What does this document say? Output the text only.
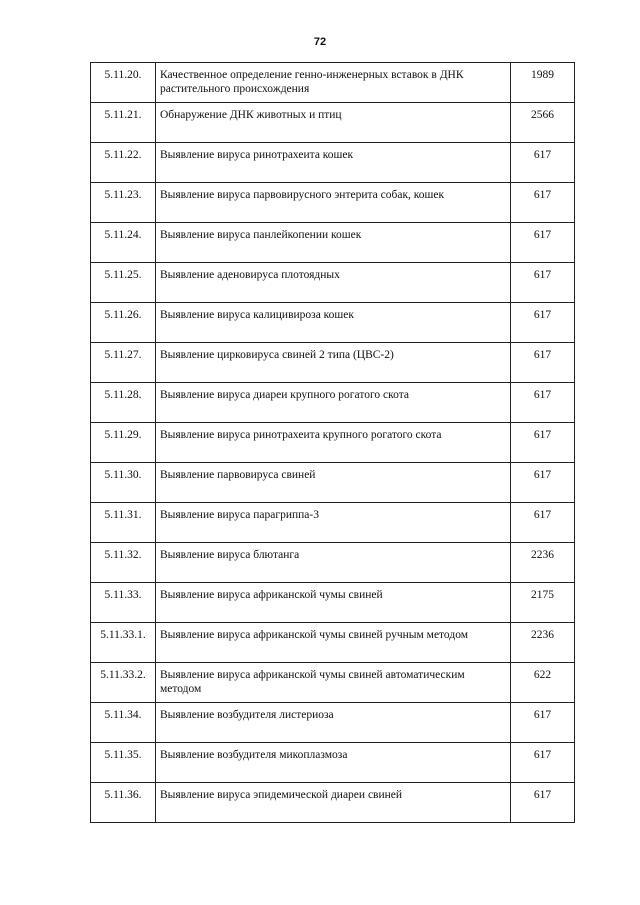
72
5.11.20.	Качественное определение генно-инженерных вставок в ДНК растительного происхождения	1989
5.11.21.	Обнаружение ДНК животных и птиц	2566
5.11.22.	Выявление вируса ринотрахеита кошек	617
5.11.23.	Выявление вируса парвовирусного энтерита собак, кошек	617
5.11.24.	Выявление вируса панлейкопении кошек	617
5.11.25.	Выявление аденовируса плотоядных	617
5.11.26.	Выявление вируса калицивироза кошек	617
5.11.27.	Выявление цирковируса свиней 2 типа (ЦВС-2)	617
5.11.28.	Выявление вируса диареи крупного рогатого скота	617
5.11.29.	Выявление вируса ринотрахеита крупного рогатого скота	617
5.11.30.	Выявление парвовируса свиней	617
5.11.31.	Выявление вируса парагриппа-3	617
5.11.32.	Выявление вируса блютанга	2236
5.11.33.	Выявление вируса африканской чумы свиней	2175
5.11.33.1.	Выявление вируса африканской чумы свиней ручным методом	2236
5.11.33.2.	Выявление вируса африканской чумы свиней автоматическим методом	622
5.11.34.	Выявление возбудителя листериоза	617
5.11.35.	Выявление возбудителя микоплазмоза	617
5.11.36.	Выявление вируса эпидемической диареи свиней	617
